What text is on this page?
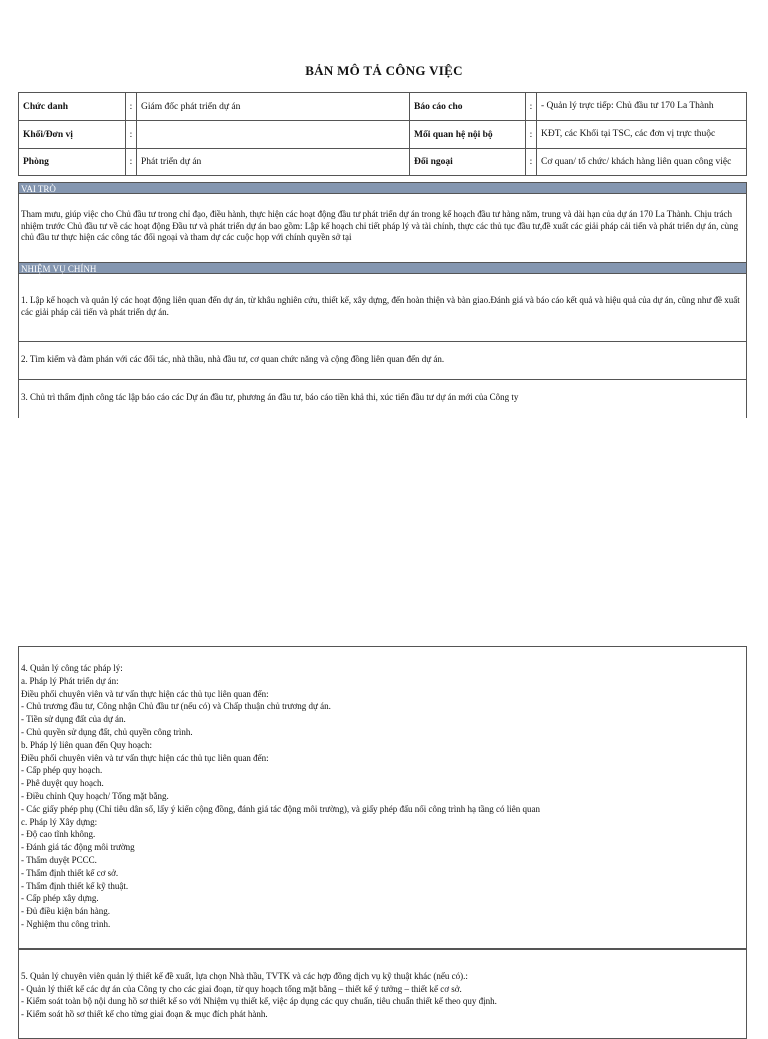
BẢN MÔ TẢ CÔNG VIỆC
Chức danh	:	Giám đốc phát triển dự án	Báo cáo cho	:	- Quản lý trực tiếp: Chủ đầu tư 170 La Thành
Khối/Đơn vị	:		Mối quan hệ nội bộ	:	KĐT, các Khối tại TSC, các đơn vị trực thuộc
Phòng	:	Phát triển dự án	Đối ngoại	:	Cơ quan/ tổ chức/ khách hàng liên quan công việc
VAI TRÒ
Tham mưu, giúp việc cho Chủ đầu tư trong chỉ đạo, điều hành, thực hiện các hoạt động đầu tư phát triển dự án trong kế hoạch đầu tư hàng năm, trung và dài hạn của dự án 170 La Thành. Chịu trách nhiệm trước Chủ đầu tư về các hoạt động Đầu tư và phát triển dự án bao gồm: Lập kế hoạch chi tiết pháp lý và tài chính, thực các thủ tục đầu tư,đề xuất các giải pháp cải tiến và phát triển dự án, cùng chủ đầu tư thực hiện các công tác đối ngoại và tham dự các cuộc họp với chính quyền sở tại
NHIỆM VỤ CHÍNH
1. Lập kế hoạch và quản lý các hoạt động liên quan đến dự án, từ khâu nghiên cứu, thiết kế, xây dựng, đến hoàn thiện và bàn giao.Đánh giá và báo cáo kết quả và hiệu quả của dự án, cũng như đề xuất các giải pháp cải tiến và phát triển dự án.
2. Tìm kiếm và đàm phán với các đối tác, nhà thầu, nhà đầu tư, cơ quan chức năng và cộng đồng liên quan đến dự án.
3. Chủ trì thẩm định công tác lập báo cáo các Dự án đầu tư, phương án đầu tư, báo cáo tiền khả thi, xúc tiến đầu tư dự án mới của Công ty
4. Quản lý công tác pháp lý:
a. Pháp lý Phát triển dự án:
Điều phối chuyên viên và tư vấn thực hiện các thủ tục liên quan đến:
- Chủ trương đầu tư, Công nhận Chủ đầu tư (nếu có) và Chấp thuận chủ trương dự án.
- Tiền sử dụng đất của dự án.
- Chủ quyền sử dụng đất, chủ quyền công trình.
b. Pháp lý liên quan đến Quy hoạch:
Điều phối chuyên viên và tư vấn thực hiện các thủ tục liên quan đến:
- Cấp phép quy hoạch.
- Phê duyệt quy hoạch.
- Điều chỉnh Quy hoạch/ Tổng mặt bằng.
- Các giấy phép phụ (Chỉ tiêu dân số, lấy ý kiến cộng đồng, đánh giá tác động môi trường), và giấy phép đấu nối công trình hạ tầng có liên quan
c. Pháp lý Xây dựng:
- Độ cao tĩnh không.
- Đánh giá tác động môi trường
- Thẩm duyệt PCCC.
- Thẩm định thiết kế cơ sở.
- Thẩm định thiết kế kỹ thuật.
- Cấp phép xây dựng.
- Đủ điều kiện bán hàng.
- Nghiệm thu công trình.
5. Quản lý chuyên viên quản lý thiết kế đề xuất, lựa chọn Nhà thầu, TVTK và các hợp đồng dịch vụ kỹ thuật khác (nếu có).:
- Quản lý thiết kế các dự án của Công ty cho các giai đoạn, từ quy hoạch tổng mặt bằng – thiết kế ý tưởng – thiết kế cơ sở.
- Kiểm soát toàn bộ nội dung hồ sơ thiết kế so với Nhiệm vụ thiết kế, việc áp dụng các quy chuẩn, tiêu chuẩn thiết kế theo quy định.
- Kiểm soát hồ sơ thiết kế cho từng giai đoạn & mục đích phát hành.
